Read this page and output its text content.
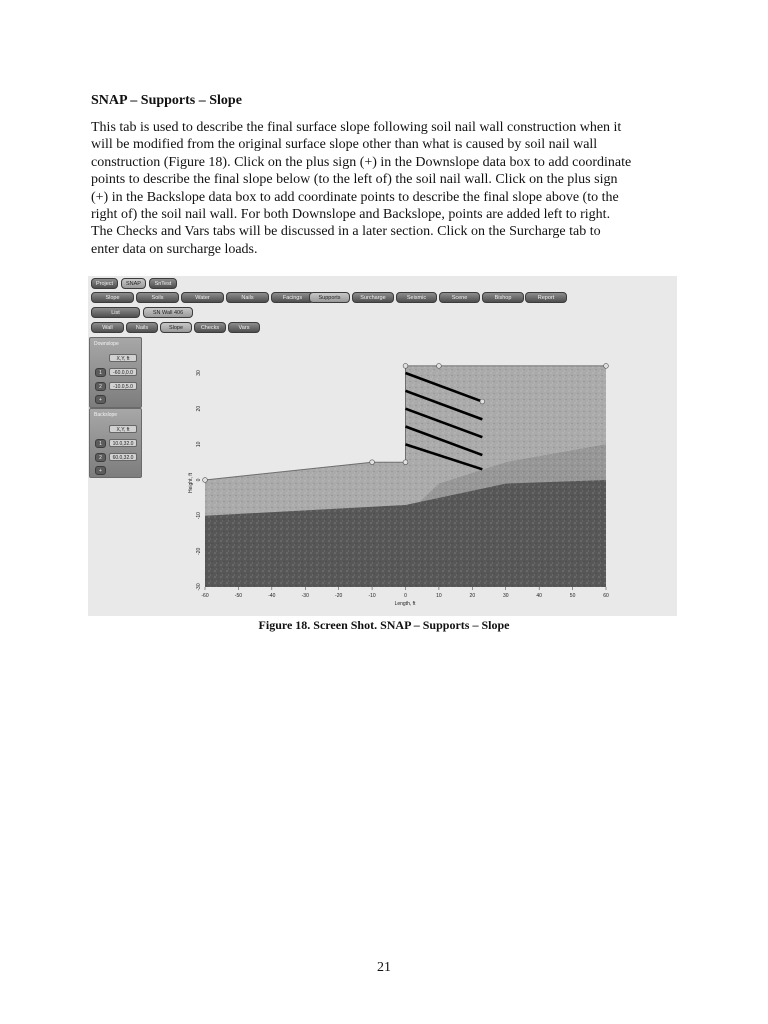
SNAP – Supports – Slope
This tab is used to describe the final surface slope following soil nail wall construction when it
will be modified from the original surface slope other than what is caused by soil nail wall
construction (Figure 18). Click on the plus sign (+) in the Downslope data box to add coordinate
points to describe the final slope below (to the left of) the soil nail wall. Click on the plus sign
(+) in the Backslope data box to add coordinate points to describe the final slope above (to the
right of) the soil nail wall. For both Downslope and Backslope, points are added left to right.
The Checks and Vars tabs will be discussed in a later section. Click on the Surcharge tab to
enter data on surcharge loads.
Project	SNAP	SnTest
Slope	Soils	Water	Nails	Facings	Supports	Surcharge	Seismic	Scene	Bishop	Report
List	SN Wall 406
Wall	Nails	Slope	Checks	Vars
Downslope
X,Y, ft
1	-60.0,0.0
2	-10.0,5.0
+
Backslope
X,Y, ft
1	10.0,32.0
2	60.0,32.0
+
-60	-50	-40	-30	-20	-10	0	10	20	30	40	50	60
30
20
10
0
-10
-20
-30
Length, ft
Height, ft
Figure 18. Screen Shot. SNAP – Supports – Slope
21
